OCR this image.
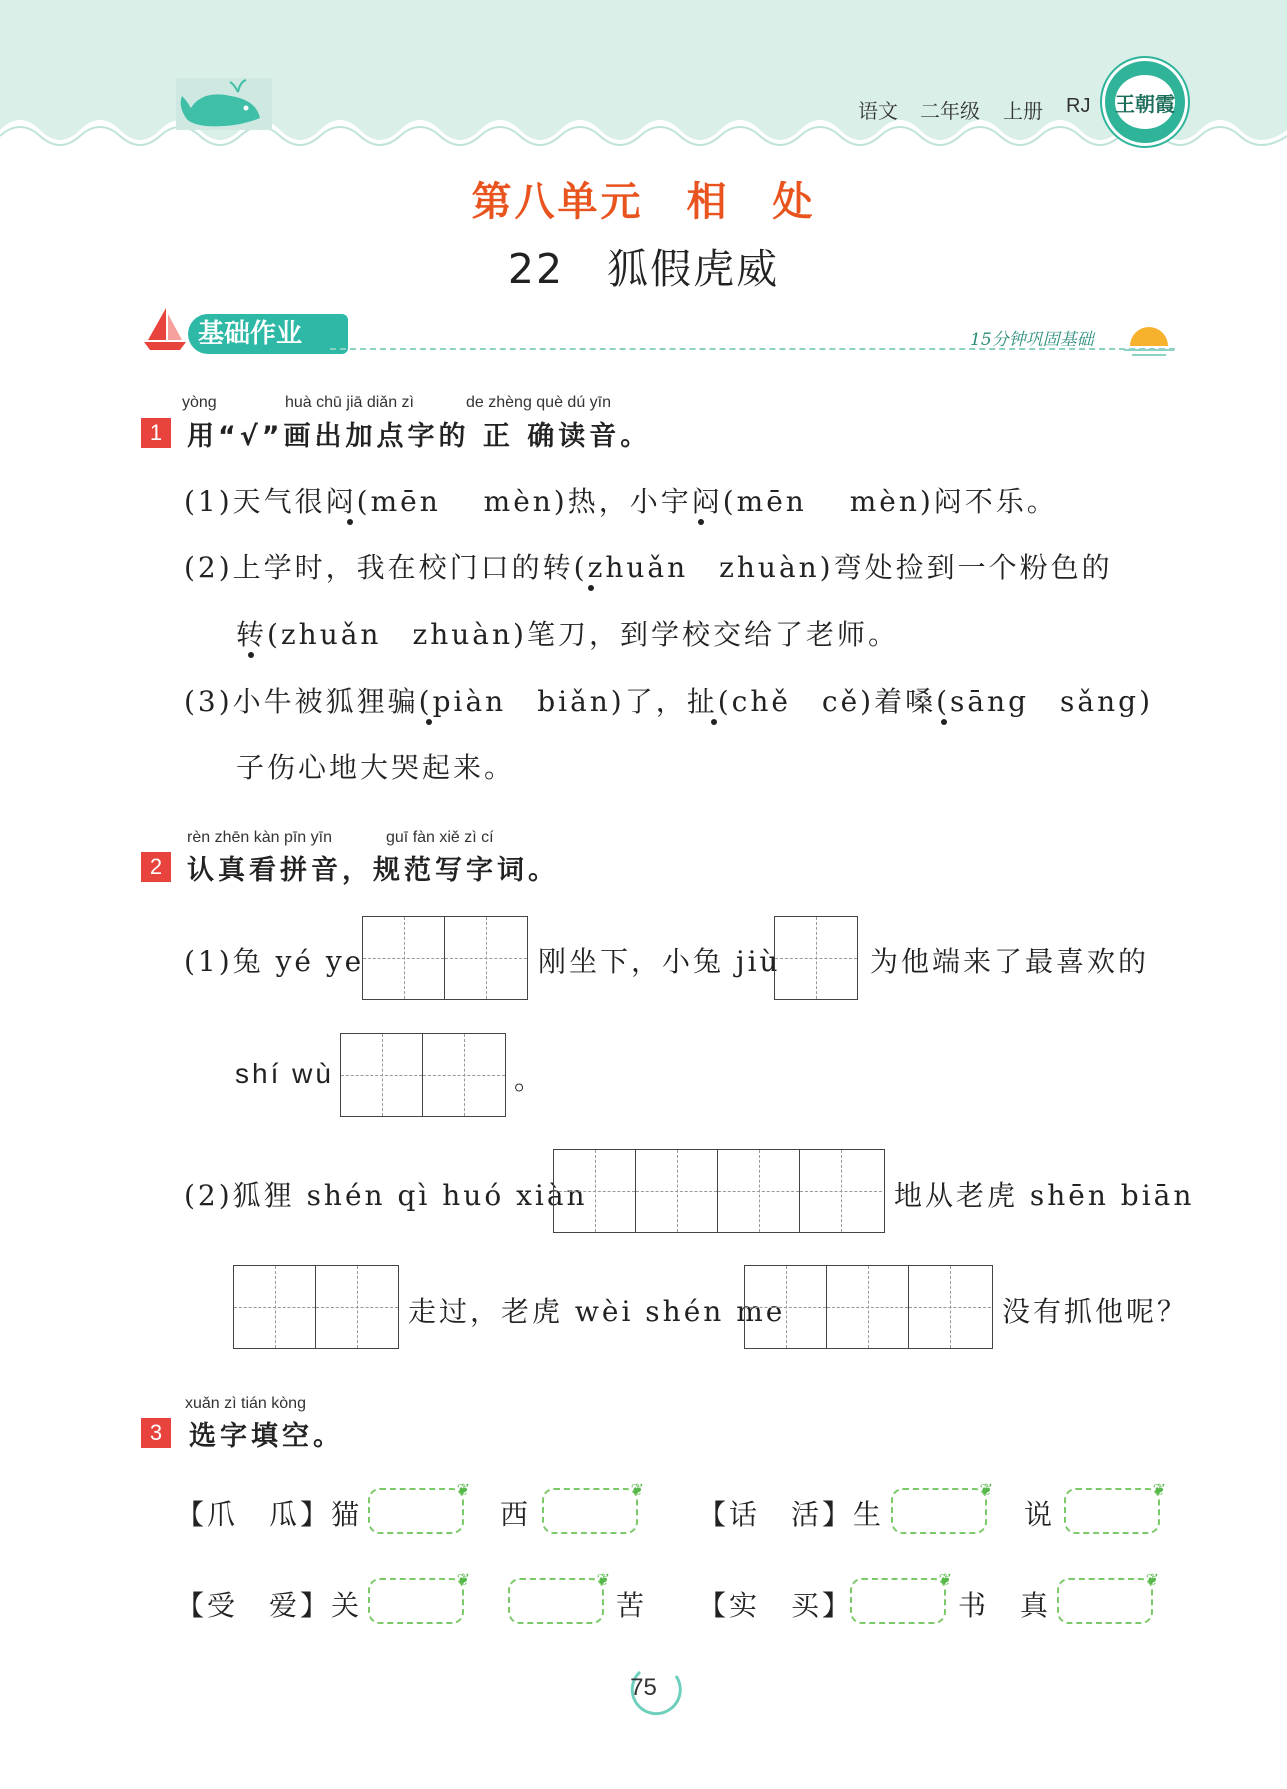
语文 二年级 上册 RJ 王朝霞
第八单元　相　处
22　狐假虎威
基础作业	15分钟巩固基础
yòng	huà chū jiā diǎn zì	de zhèng què dú yīn
1 用“√”画出加点字的 正 确读音。
(1)天气很闷(mēn　 mèn)热，小宇闷(mēn　 mèn)闷不乐。
(2)上学时，我在校门口的转(zhuǎn　zhuàn)弯处捡到一个粉色的
转(zhuǎn　zhuàn)笔刀，到学校交给了老师。
(3)小牛被狐狸骗(piàn　biǎn)了，扯(chě　cě)着嗓(sāng　sǎng)
子伤心地大哭起来。
rèn zhēn kàn pīn yīn	guī fàn xiě zì cí
2 认真看拼音，规范写字词。
(1)兔 yé ye	刚坐下，小兔 jiù	为他端来了最喜欢的
shí wù	。
(2)狐狸 shén qì huó xiàn	地从老虎 shēn biān
走过，老虎 wèi shén me	没有抓他呢？
xuǎn zì tián kòng
3 选字填空。
【爪　瓜】猫
❦
西
❦
【话　活】生
❦
说
❦
【受　爱】关
❦	❦
苦 【实　买】
❦
书　真
❦
75
